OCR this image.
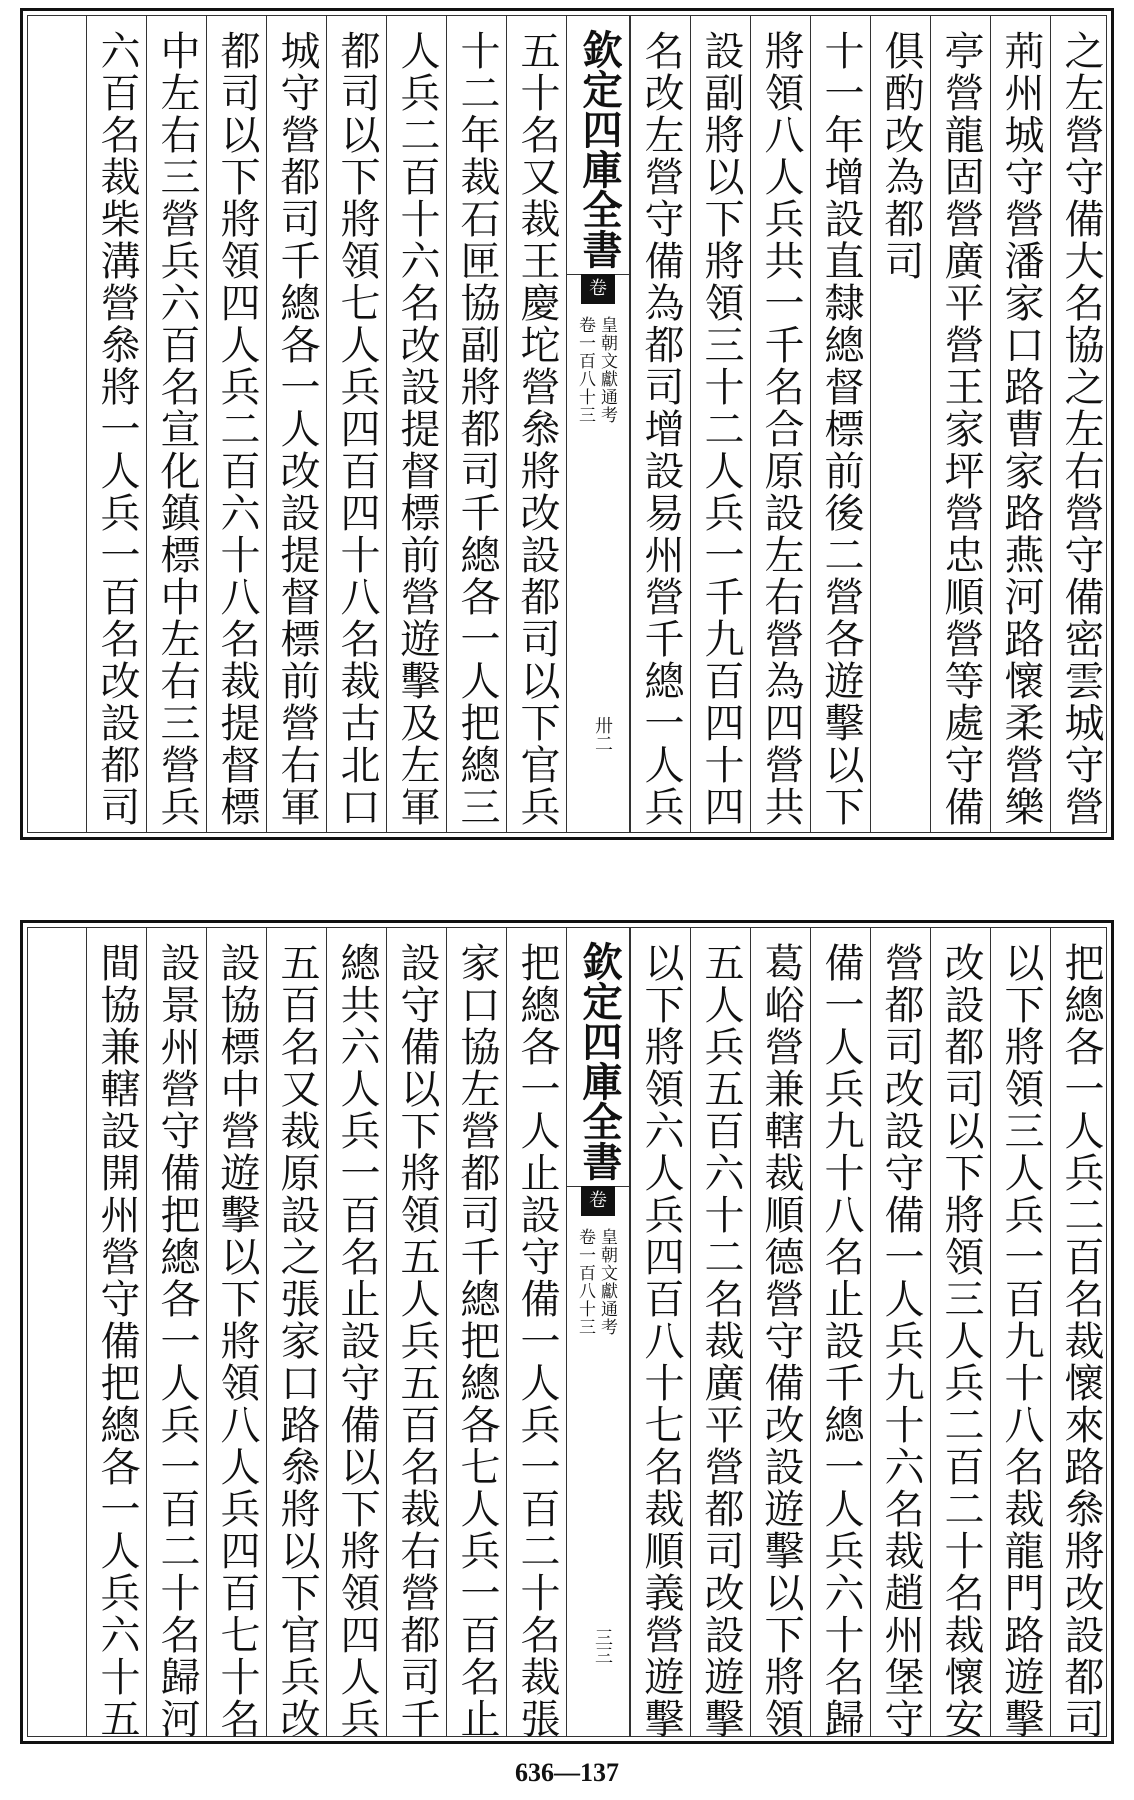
之左營守備大名協之左右營守備密雲城守營
荊州城守營潘家口路曹家路燕河路懷柔營樂
亭營龍固營廣平營王家坪營忠順營等處守備
俱酌改為都司
十一年增設直隸總督標前後二營各遊擊以下
將領八人兵共一千名合原設左右營為四營共
設副將以下將領三十二人兵一千九百四十四
名改左營守備為都司增設易州營千總一人兵
欽定四庫全書
卷
皇朝文獻通考
卷一百八十三
卅二
五十名又裁王慶坨營叅將改設都司以下官兵
十二年裁石匣協副將都司千總各一人把總三
人兵二百十六名改設提督標前營遊擊及左軍
都司以下將領七人兵四百四十八名裁古北口
城守營都司千總各一人改設提督標前營右軍
都司以下將領四人兵二百六十八名裁提督標
中左右三營兵六百名宣化鎮標中左右三營兵
六百名裁柴溝營叅將一人兵一百名改設都司
把總各一人兵二百名裁懷來路叅將改設都司
以下將領三人兵一百九十八名裁龍門路遊擊
改設都司以下將領三人兵二百二十名裁懷安
營都司改設守備一人兵九十六名裁趙州堡守
備一人兵九十八名止設千總一人兵六十名歸
葛峪營兼轄裁順德營守備改設遊擊以下將領
五人兵五百六十二名裁廣平營都司改設遊擊
以下將領六人兵四百八十七名裁順義營遊擊
欽定四庫全書
卷
皇朝文獻通考
卷一百八十三
三三
把總各一人止設守備一人兵一百二十名裁張
家口協左營都司千總把總各七人兵一百名止
設守備以下將領五人兵五百名裁右營都司千
總共六人兵一百名止設守備以下將領四人兵
五百名又裁原設之張家口路叅將以下官兵改
設協標中營遊擊以下將領八人兵四百七十名
設景州營守備把總各一人兵一百二十名歸河
間協兼轄設開州營守備把總各一人兵六十五
636—137
